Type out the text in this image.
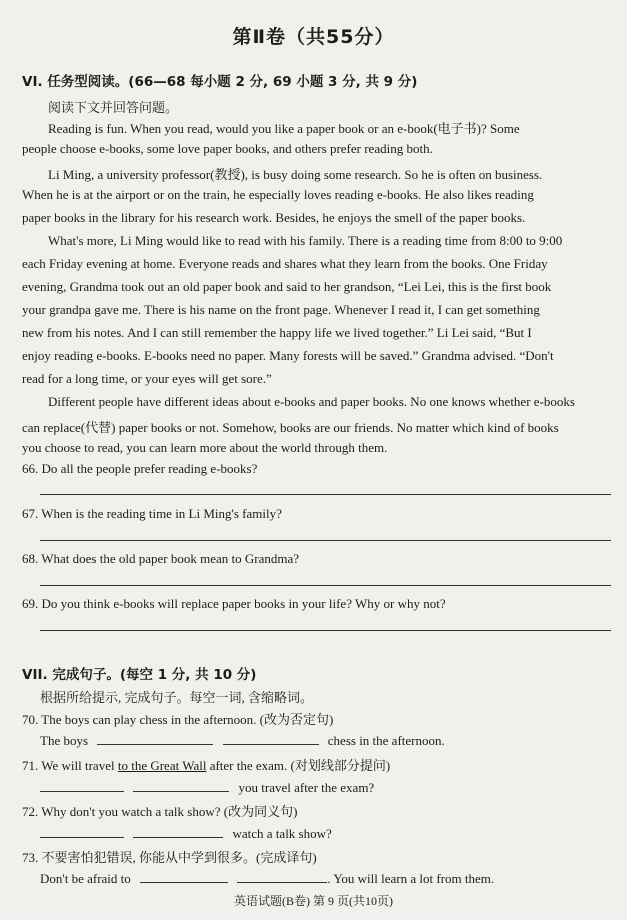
第Ⅱ卷（共55分）
VI. 任务型阅读。(66—68 每小题 2 分, 69 小题 3 分, 共 9 分)
阅读下文并回答问题。
Reading is fun. When you read, would you like a paper book or an e-book(电子书)? Some
people choose e-books, some love paper books, and others prefer reading both.
Li Ming, a university professor(教授), is busy doing some research. So he is often on business.
When he is at the airport or on the train, he especially loves reading e-books. He also likes reading
paper books in the library for his research work. Besides, he enjoys the smell of the paper books.
What's more, Li Ming would like to read with his family. There is a reading time from 8:00 to 9:00
each Friday evening at home. Everyone reads and shares what they learn from the books. One Friday
evening, Grandma took out an old paper book and said to her grandson, “Lei Lei, this is the first book
your grandpa gave me. There is his name on the front page. Whenever I read it, I can get something
new from his notes. And I can still remember the happy life we lived together.” Li Lei said, “But I
enjoy reading e-books. E-books need no paper. Many forests will be saved.” Grandma advised. “Don't
read for a long time, or your eyes will get sore.”
Different people have different ideas about e-books and paper books. No one knows whether e-books
can replace(代替) paper books or not. Somehow, books are our friends. No matter which kind of books
you choose to read, you can learn more about the world through them.
66. Do all the people prefer reading e-books?
67. When is the reading time in Li Ming's family?
68. What does the old paper book mean to Grandma?
69. Do you think e-books will replace paper books in your life? Why or why not?
VII. 完成句子。(每空 1 分, 共 10 分)
根据所给提示, 完成句子。每空一词, 含缩略词。
70. The boys can play chess in the afternoon. (改为否定句)
The boys	chess in the afternoon.
71. We will travel to the Great Wall after the exam. (对划线部分提问)
you travel after the exam?
72. Why don't you watch a talk show? (改为同义句)
watch a talk show?
73. 不要害怕犯错误, 你能从中学到很多。(完成译句)
Don't be afraid to	. You will learn a lot from them.
英语试题(B卷) 第 9 页(共10页)
